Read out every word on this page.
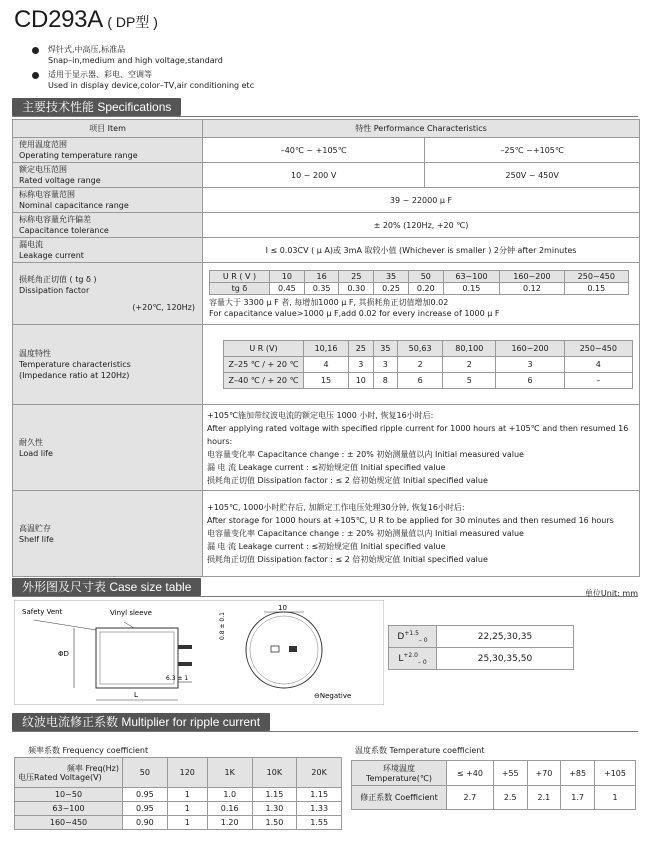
CD293A ( DP型 )
焊针式,中高压,标准品
Snap–in,medium and high voltage,standard
适用于显示器、彩电、空调等
Used in display device,color–TV,air conditioning etc
主要技术性能 Specifications
项目 Item	特性 Performance Characteristics

使用温度范围
Operating temperature range
	–40℃ ~ +105℃	–25℃ ~+105℃

额定电压范围
Rated voltage range
	10 ~ 200 V	250V ~ 450V

标称电容量范围
Nominal capacitance range
	39 ~ 22000 μ F

标称电容量允许偏差
Capacitance tolerance
	± 20% (120Hz, +20 ℃)

漏电流
Leakage current
	I ≤ 0.03CV ( μ A)或 3mA 取较小值 (Whichever is smaller ) 2分钟 after 2minutes

损耗角正切值 ( tg δ )
Dissipation factor
(+20℃, 120Hz)

U R ( V )	10	16	25	35	50	63~100	160~200	250~450
tg δ	0.45	0.35	0.30	0.25	0.20	0.15	0.12	0.15
容量大于 3300 μ F 者, 每增加1000 μ F, 其损耗角正切值增加0.02
For capacitance value>1000 μ F,add 0.02 for every increase of 1000 μ F

温度特性
Temperature characteristics
(Impedance ratio at 120Hz)

U R (V)	10,16	25	35	50,63	80,100	160~200	250~450
Z–25 ℃ / + 20 ℃	4	3	3	2	2	3	4
Z–40 ℃ / + 20 ℃	15	10	8	6	5	6	–

耐久性
Load life

+105℃施加带纹波电流的额定电压 1000 小时, 恢复16小时后:
After applying rated voltage with specified ripple current for 1000 hours at +105℃ and then resumed 16 hours:
电容量变化率 Capacitance change : ± 20% 初始测量值以内 Initial measured value
漏 电 流 Leakage current : ≤初始规定值 Initial specified value
损耗角正切值 Dissipation factor : ≤ 2 倍初始规定值 Initial specified value

高温贮存
Shelf life

+105℃, 1000小时贮存后, 加额定工作电压处理30分钟, 恢复16小时后:
After storage for 1000 hours at +105℃, U R to be applied for 30 minutes and then resumed 16 hours
电容量变化率 Capacitance change : ± 20% 初始测量值以内 Initial measured value
漏 电 流 Leakage current : ≤初始规定值 Initial specified value
损耗角正切值 Dissipation factor : ≤ 2 倍初始规定值 Initial specified value
外形图及尺寸表 Case size table	单位Unit: mm
Safety Vent	Vinyl sleeve
ΦD
L
6.3 ± 1
10
0.8 ± 0.1
⊖Negative
$D^{+1.5}_{- 0}$	22,25,30,35
$L^{+2.0}_{- 0}$	25,30,35,50
纹波电流修正系数 Multiplier for ripple current
频率系数 Frequency coefficient
频率 Freq(Hz)
电压Rated Voltage(V)	50	120	1K	10K	20K
10~50	0.95	1	1.0	1.15	1.15
63~100	0.95	1	0.16	1.30	1.33
160~450	0.90	1	1.20	1.50	1.55
温度系数 Temperature coefficient
环境温度 Temperature(℃)	≤ +40	+55	+70	+85	+105
修正系数 Coefficient	2.7	2.5	2.1	1.7	1
